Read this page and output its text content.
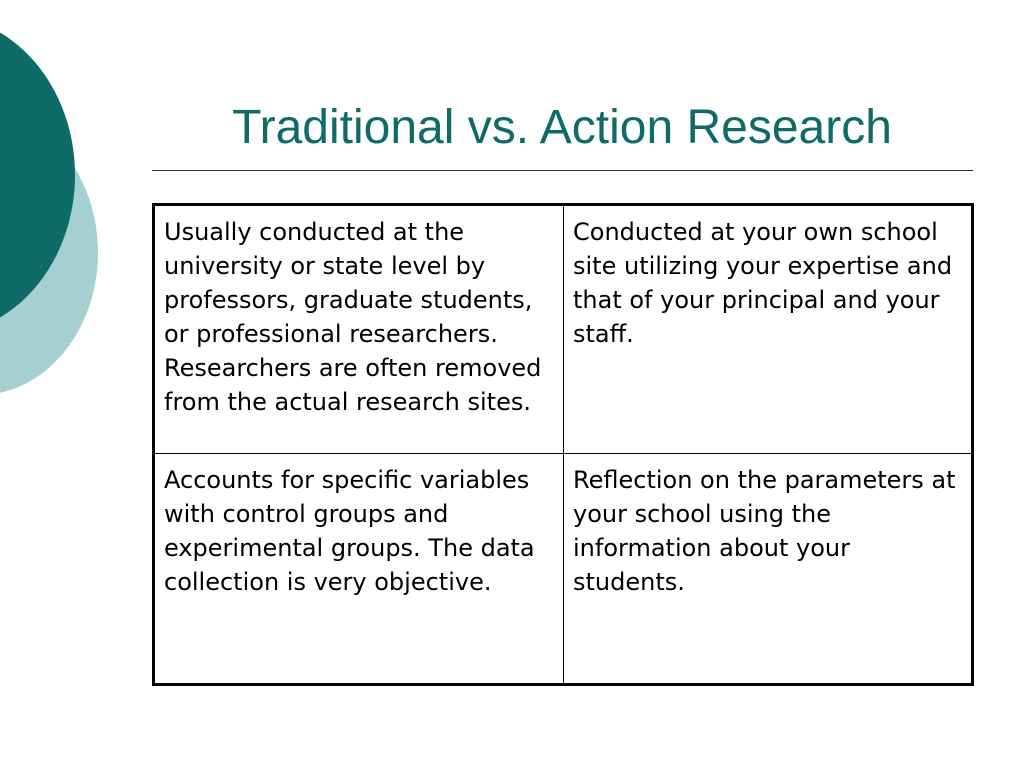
Traditional vs. Action Research
Usually conducted at the university or state level by professors, graduate students, or professional researchers. Researchers are often removed from the actual research sites.
Conducted at your own school site utilizing your expertise and that of your principal and your staff.
Accounts for specific variables with control groups and experimental groups. The data collection is very objective.
Reflection on the parameters at your school using the information about your students.
